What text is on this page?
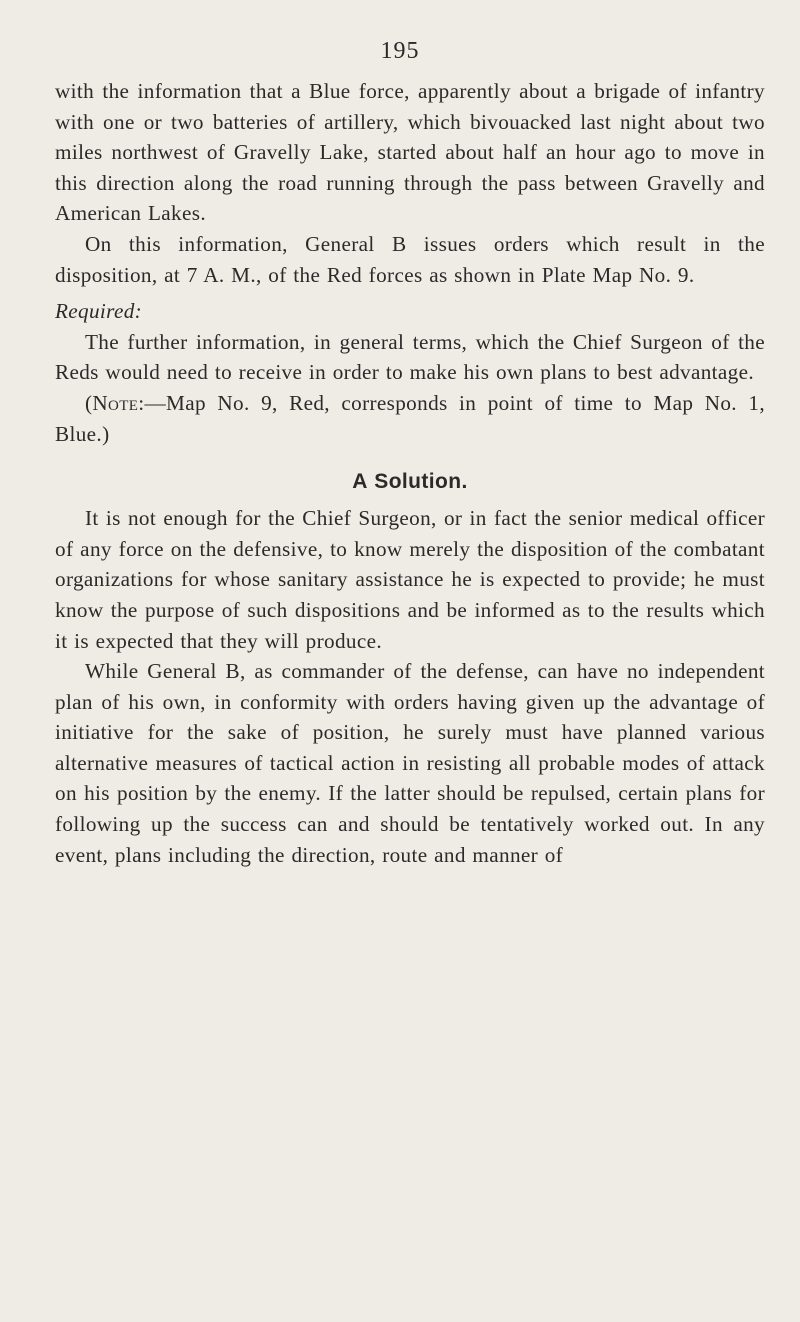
195

with the information that a Blue force, apparently about a brigade of infantry with one or two batteries of artillery, which bivouacked last night about two miles northwest of Gravelly Lake, started about half an hour ago to move in this direction along the road running through the pass between Gravelly and American Lakes.

On this information, General B issues orders which result in the disposition, at 7 A. M., of the Red forces as shown in Plate Map No. 9.

Required:

The further information, in general terms, which the Chief Surgeon of the Reds would need to receive in order to make his own plans to best advantage.

(Note:—Map No. 9, Red, corresponds in point of time to Map No. 1, Blue.)

A Solution.

It is not enough for the Chief Surgeon, or in fact the senior medical officer of any force on the defensive, to know merely the disposition of the combatant organizations for whose sanitary assistance he is expected to provide; he must know the purpose of such dispositions and be informed as to the results which it is expected that they will produce.

While General B, as commander of the defense, can have no independent plan of his own, in conformity with orders having given up the advantage of initiative for the sake of position, he surely must have planned various alternative measures of tactical action in resisting all probable modes of attack on his position by the enemy. If the latter should be repulsed, certain plans for following up the success can and should be tentatively worked out. In any event, plans including the direction, route and manner of
